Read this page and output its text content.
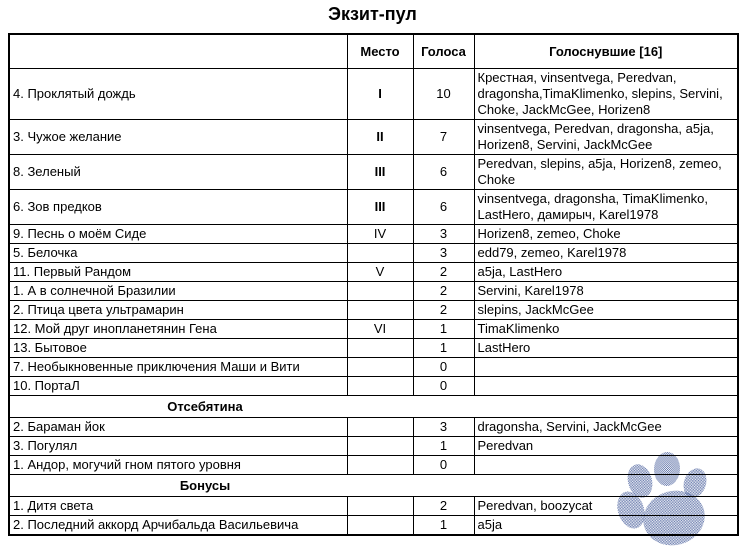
Экзит-пул
	Место	Голоса	Голоснувшие [16]
4. Проклятый дождь	I	10	Крестная, vinsentvega, Peredvan, dragonsha,TimaKlimenko, slepins, Servini, Choke, JackMcGee, Horizen8
3. Чужое желание	II	7	vinsentvega, Peredvan, dragonsha, a5ja, Horizen8, Servini, JackMcGee
8. Зеленый	III	6	Peredvan, slepins, a5ja, Horizen8, zemeo, Choke
6. Зов предков	III	6	vinsentvega, dragonsha, TimaKlimenko, LastHero, дамирыч, Karel1978
9. Песнь о моём Сиде	IV	3	Horizen8, zemeo, Choke
5. Белочка		3	edd79, zemeo, Karel1978
11. Первый Рандом	V	2	a5ja, LastHero
1. А в солнечной Бразилии		2	Servini, Karel1978
2. Птица цвета ультрамарин		2	slepins, JackMcGee
12. Мой друг инопланетянин Гена	VI	1	TimaKlimenko
13. Бытовое		1	LastHero
7. Необыкновенные приключения Маши и Вити		0	
10. ПортаЛ		0	

Отсебятина			

2. Бараман йок		3	dragonsha, Servini, JackMcGee
3. Погулял		1	Peredvan
1. Андор, могучий гном пятого уровня		0	

Бонусы			

1. Дитя света		2	Peredvan, boozycat
2. Последний аккорд Арчибальда Васильевича		1	a5ja
